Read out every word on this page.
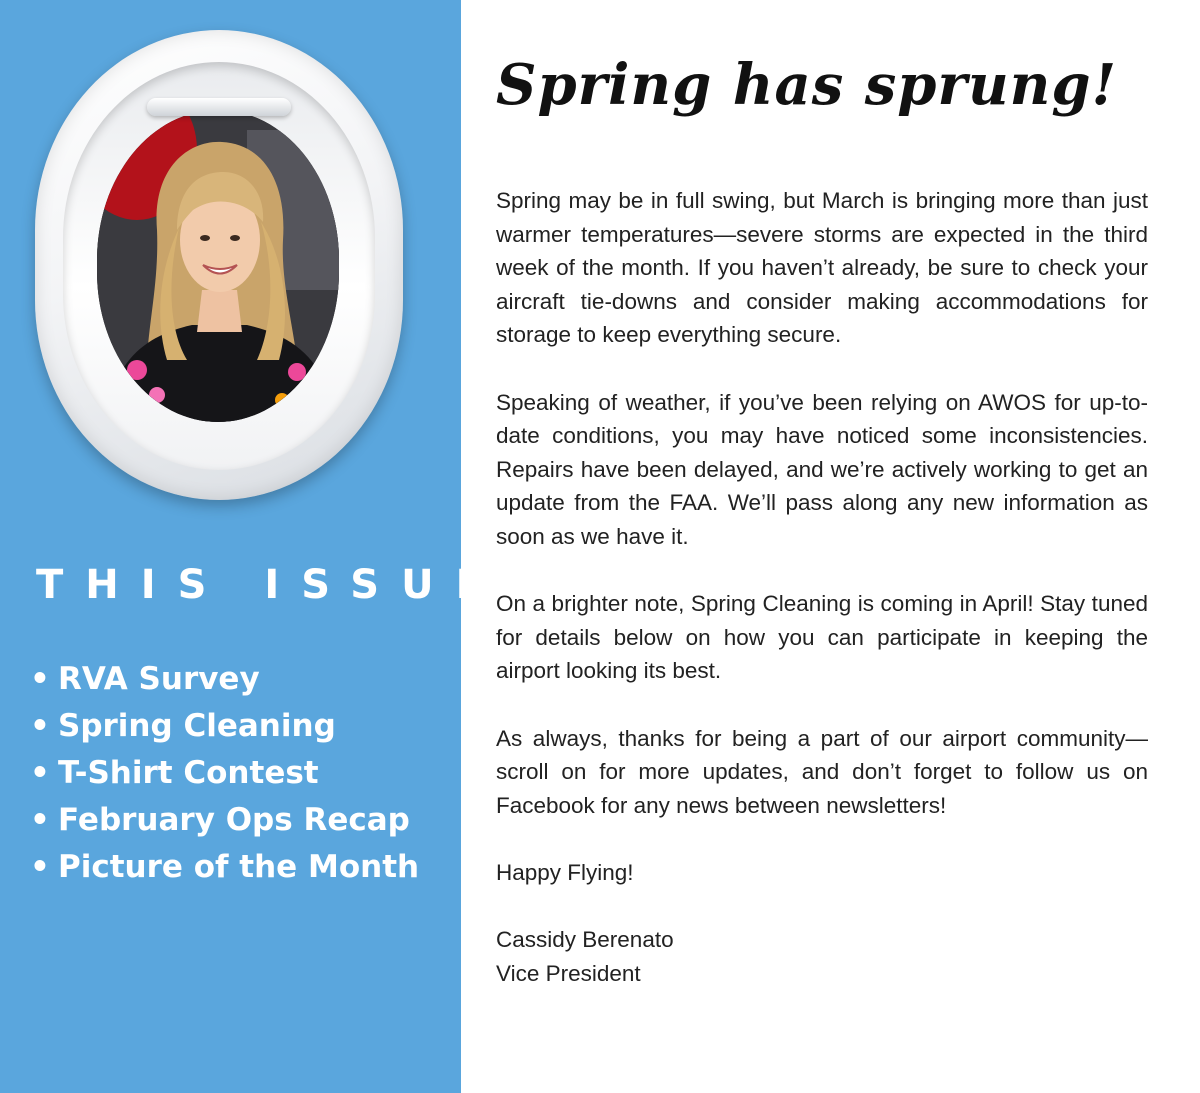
THIS ISSUE:
• RVA Survey
• Spring Cleaning
• T-Shirt Contest
• February Ops Recap
• Picture of the Month
Spring has sprung!

Spring may be in full swing, but March is bringing more than just warmer temperatures—severe storms are expected in the third week of the month. If you haven’t already, be sure to check your aircraft tie-downs and consider making accommodations for storage to keep everything secure.

Speaking of weather, if you’ve been relying on AWOS for up-to-date conditions, you may have noticed some inconsistencies. Repairs have been delayed, and we’re actively working to get an update from the FAA. We’ll pass along any new information as soon as we have it.

On a brighter note, Spring Cleaning is coming in April! Stay tuned for details below on how you can participate in keeping the airport looking its best.

As always, thanks for being a part of our airport community—scroll on for more updates, and don’t forget to follow us on Facebook for any news between newsletters!

Happy Flying!

Cassidy Berenato
Vice President
